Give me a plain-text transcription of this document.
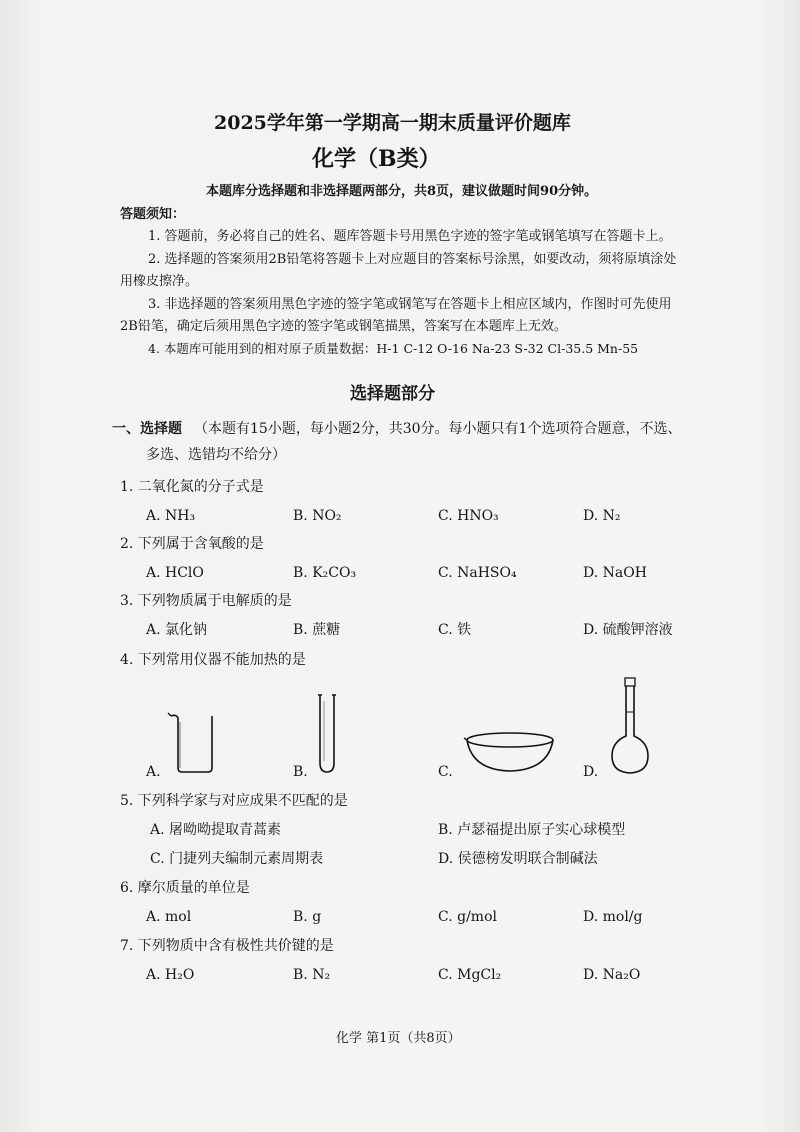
2025学年第一学期高一期末质量评价题库
化学（B类）
本题库分选择题和非选择题两部分，共8页，建议做题时间90分钟。
答题须知：
1. 答题前，务必将自己的姓名、题库答题卡号用黑色字迹的签字笔或钢笔填写在答题卡上。
2. 选择题的答案须用2B铅笔将答题卡上对应题目的答案标号涂黑，如要改动，须将原填涂处
用橡皮擦净。
3. 非选择题的答案须用黑色字迹的签字笔或钢笔写在答题卡上相应区域内，作图时可先使用
2B铅笔，确定后须用黑色字迹的签字笔或钢笔描黑，答案写在本题库上无效。
4. 本题库可能用到的相对原子质量数据：H-1 C-12 O-16 Na-23 S-32 Cl-35.5 Mn-55
选择题部分
一、选择题 （本题有15小题，每小题2分，共30分。每小题只有1个选项符合题意，不选、
多选、选错均不给分）
1. 二氧化氮的分子式是
A. NH₃	B. NO₂	C. HNO₃	D. N₂
2. 下列属于含氧酸的是
A. HClO	B. K₂CO₃	C. NaHSO₄	D. NaOH
3. 下列物质属于电解质的是
A. 氯化钠	B. 蔗糖	C. 铁	D. 硫酸钾溶液
4. 下列常用仪器不能加热的是
A.	B.	C.	D.
5. 下列科学家与对应成果不匹配的是
A. 屠呦呦提取青蒿素	B. 卢瑟福提出原子实心球模型
C. 门捷列夫编制元素周期表	D. 侯德榜发明联合制碱法
6. 摩尔质量的单位是
A. mol	B. g	C. g/mol	D. mol/g
7. 下列物质中含有极性共价键的是
A. H₂O	B. N₂	C. MgCl₂	D. Na₂O
化学 第1页（共8页）
